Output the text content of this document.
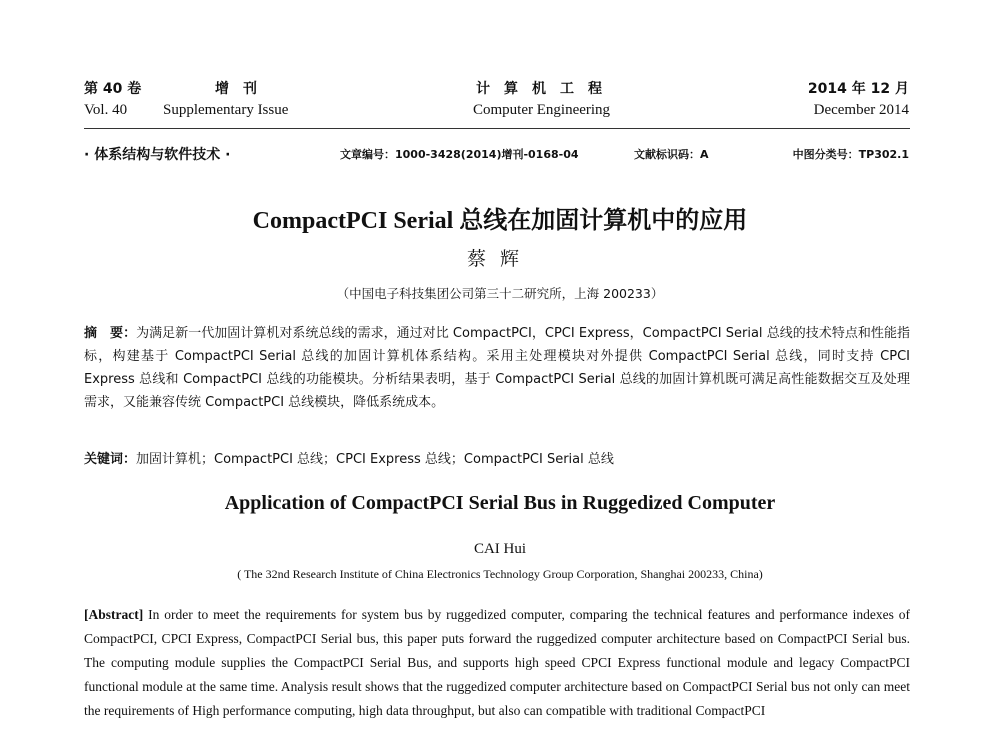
第 40 卷	增　刊	计　算　机　工　程	2014 年 12 月
Vol. 40 Supplementary Issue	Computer Engineering	December 2014
· 体系结构与软件技术 ·	文章编号：1000-3428(2014)增刊-0168-04	文献标识码：A	中图分类号：TP302.1
CompactPCI Serial 总线在加固计算机中的应用
蔡辉
（中国电子科技集团公司第三十二研究所，上海 200233）
摘　要：为满足新一代加固计算机对系统总线的需求，通过对比 CompactPCI，CPCI Express，CompactPCI Serial 总线的技术特点和性能指标，构建基于 CompactPCI Serial 总线的加固计算机体系结构。采用主处理模块对外提供 CompactPCI Serial 总线，同时支持 CPCI Express 总线和 CompactPCI 总线的功能模块。分析结果表明，基于 CompactPCI Serial 总线的加固计算机既可满足高性能数据交互及处理需求，又能兼容传统 CompactPCI 总线模块，降低系统成本。
关键词：加固计算机；CompactPCI 总线；CPCI Express 总线；CompactPCI Serial 总线
Application of CompactPCI Serial Bus in Ruggedized Computer
CAI Hui
( The 32nd Research Institute of China Electronics Technology Group Corporation, Shanghai 200233, China)
[Abstract] In order to meet the requirements for system bus by ruggedized computer, comparing the technical features and performance indexes of CompactPCI, CPCI Express, CompactPCI Serial bus, this paper puts forward the ruggedized computer architecture based on CompactPCI Serial bus. The computing module supplies the CompactPCI Serial Bus, and supports high speed CPCI Express functional module and legacy CompactPCI functional module at the same time. Analysis result shows that the ruggedized computer architecture based on CompactPCI Serial bus not only can meet the requirements of High performance computing, high data throughput, but also can compatible with traditional CompactPCI
